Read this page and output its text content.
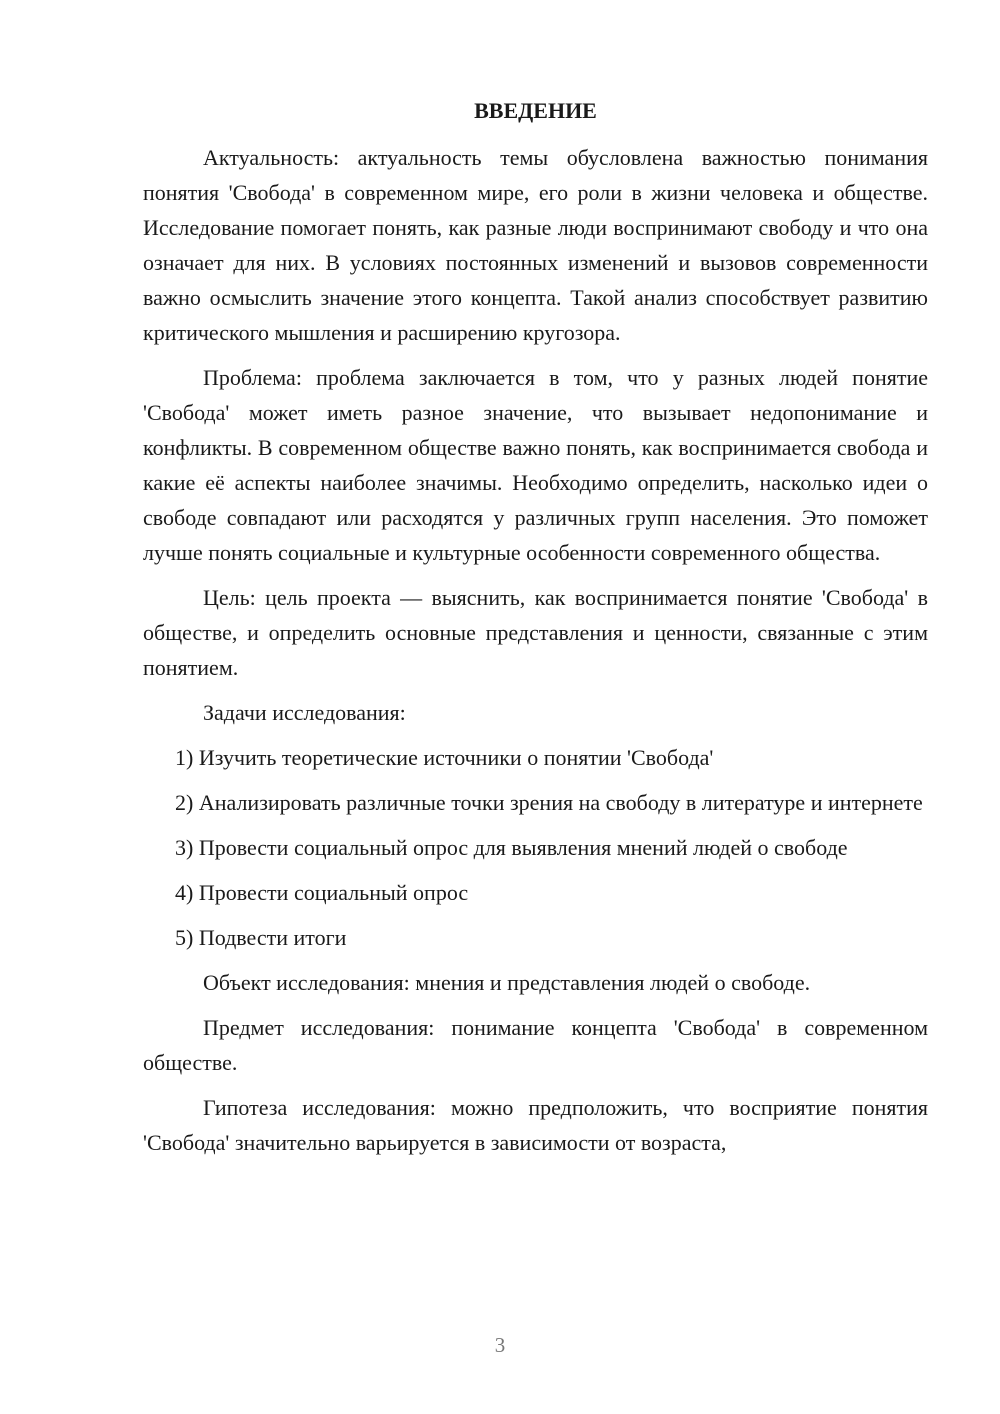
ВВЕДЕНИЕ

Актуальность: актуальность темы обусловлена важностью понимания понятия 'Свобода' в современном мире, его роли в жизни человека и обществе. Исследование помогает понять, как разные люди воспринимают свободу и что она означает для них. В условиях постоянных изменений и вызовов современности важно осмыслить значение этого концепта. Такой анализ способствует развитию критического мышления и расширению кругозора.

Проблема: проблема заключается в том, что у разных людей понятие 'Свобода' может иметь разное значение, что вызывает недопонимание и конфликты. В современном обществе важно понять, как воспринимается свобода и какие её аспекты наиболее значимы. Необходимо определить, насколько идеи о свободе совпадают или расходятся у различных групп населения. Это поможет лучше понять социальные и культурные особенности современного общества.

Цель: цель проекта — выяснить, как воспринимается понятие 'Свобода' в обществе, и определить основные представления и ценности, связанные с этим понятием.

Задачи исследования:

1) Изучить теоретические источники о понятии 'Свобода'

2) Анализировать различные точки зрения на свободу в литературе и интернете

3) Провести социальный опрос для выявления мнений людей о свободе

4) Провести социальный опрос

5) Подвести итоги

Объект исследования: мнения и представления людей о свободе.

Предмет исследования: понимание концепта 'Свобода' в современном обществе.

Гипотеза исследования: можно предположить, что восприятие понятия 'Свобода' значительно варьируется в зависимости от возраста,

3
